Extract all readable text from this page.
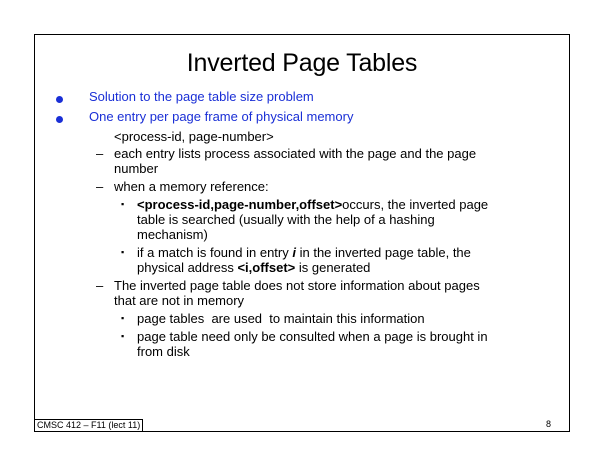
Inverted Page Tables
Solution to the page table size problem
One entry per page frame of physical memory
<process-id, page-number>
– each entry lists process associated with the page and the page
number
– when a memory reference:
▪ <process-id,page-number,offset>occurs, the inverted page
table is searched (usually with the help of a hashing
mechanism)
▪ if a match is found in entry i in the inverted page table, the
physical address <i,offset> is generated
– The inverted page table does not store information about pages
that are not in memory
▪ page tables  are used  to maintain this information
▪ page table need only be consulted when a page is brought in
from disk
CMSC 412 – F11 (lect 11)	8
